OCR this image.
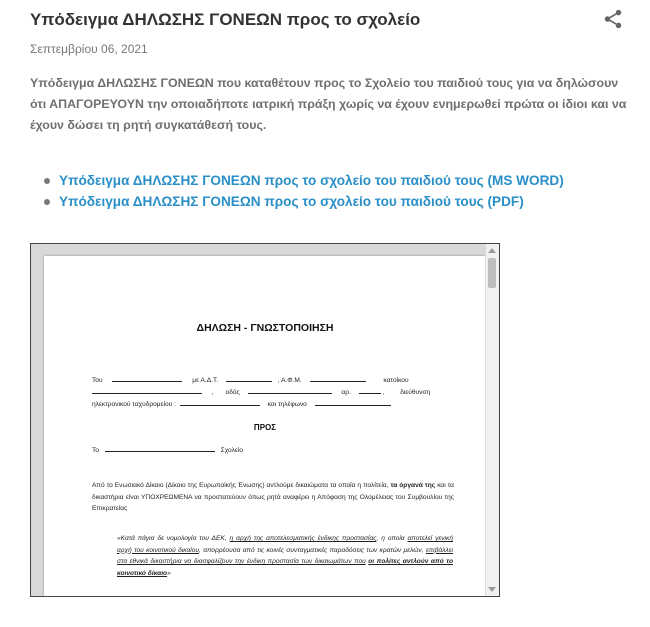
Υπόδειγμα ΔΗΛΩΣΗΣ ΓΟΝΕΩΝ προς το σχολείο
Σεπτεμβρίου 06, 2021

Υπόδειγμα ΔΗΛΩΣΗΣ ΓΟΝΕΩΝ που καταθέτουν προς το Σχολείο του παιδιού τους για να δηλώσουν ότι ΑΠΑΓΟΡΕΥΟΥΝ την οποιαδήποτε ιατρική πράξη χωρίς να έχουν ενημερωθεί πρώτα οι ίδιοι και να έχουν δώσει τη ρητή συγκατάθεσή τους.

Υπόδειγμα ΔΗΛΩΣΗΣ ΓΟΝΕΩΝ προς το σχολείο του παιδιού τους (MS WORD)
Υπόδειγμα ΔΗΛΩΣΗΣ ΓΟΝΕΩΝ προς το σχολείο του παιδιού τους (PDF)
ΔΗΛΩΣΗ - ΓΝΩΣΤΟΠΟΙΗΣΗ
Του	με Α.Δ.Τ.	, Α.Φ.Μ.	κατοίκου
, οδός	αρ.	, διεύθυνση
ηλεκτρονικού ταχυδρομείου :	και τηλέφωνο
ΠΡΟΣ
Το	Σχολείο
Από το Ενωσιακό Δίκαιο (Δίκαιο της Ευρωπαϊκής Ένωσης) αντλούμε δικαιώματα τα οποία η πολίτεία, τα όργανά της και τα δικαστήρια είναι ΥΠΟΧΡΕΩΜΕΝΑ να προστατεύουν όπως ρητά αναφέρει η Απόφαση της Ολομέλειας του Συμβουλίου της Επικρατείας
«Κατά πάγια δε νομολογία του ΔΕΚ, η αρχή της αποτελεσματικής ένδικης προστασίας, η οποία αποτελεί γενική αρχή του κοινοτικού δικαίου, απορρέουσα από τις κοινές συνταγματικές παραδόσεις των κρατών μελών, επιβάλλει στα εθνικά δικαστήρια να διασφαλίζουν την ένδικη προστασία των δικαιωμάτων που οι πολίτες αντλούν από το κοινοτικό δίκαιο»
